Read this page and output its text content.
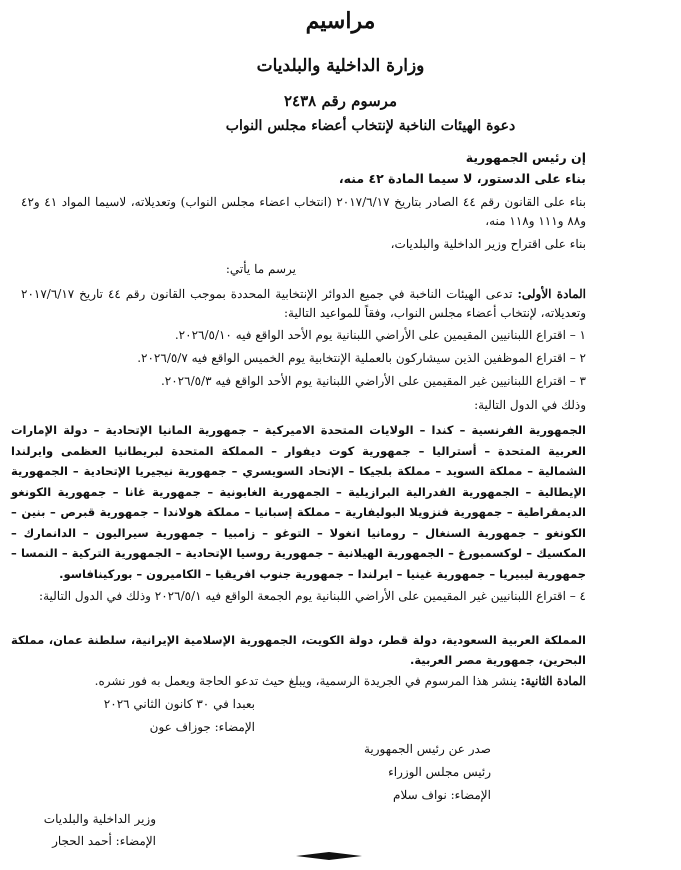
مراسيم
وزارة الداخلية والبلديات
مرسوم رقم ٢٤٣٨
دعوة الهيئات الناخبة لإنتخاب أعضاء مجلس النواب
إن رئيس الجمهورية
بناء على الدستور، لا سيما المادة ٤٢ منه،
بناء على القانون رقم ٤٤ الصادر بتاريخ ٢٠١٧/٦/١٧ (انتخاب اعضاء مجلس النواب) وتعديلاته، لاسيما المواد ٤١ و٤٢ و٨٨ و١١١ و١١٨ منه،
بناء على اقتراح وزير الداخلية والبلديات،
يرسم ما يأتي:
المادة الأولى: تدعى الهيئات الناخبة في جميع الدوائر الإنتخابية المحددة بموجب القانون رقم ٤٤ تاريخ ٢٠١٧/٦/١٧ وتعديلاته، لإنتخاب أعضاء مجلس النواب، وفقاً للمواعيد التالية:
١ – اقتراع اللبنانيين المقيمين على الأراضي اللبنانية يوم الأحد الواقع فيه ٢٠٢٦/٥/١٠.
٢ – اقتراع الموظفين الذين سيشاركون بالعملية الإنتخابية يوم الخميس الواقع فيه ٢٠٢٦/٥/٧.
٣ – اقتراع اللبنانيين غير المقيمين على الأراضي اللبنانية يوم الأحد الواقع فيه ٢٠٢٦/٥/٣.
وذلك في الدول التالية:
الجمهورية الفرنسية – كندا – الولايات المتحدة الاميركية – جمهورية المانيا الإتحادية – دولة الإمارات العربية المتحدة – أستراليا – جمهورية كوت ديفوار – المملكة المتحدة لبريطانيا العظمى وايرلندا الشمالية – مملكة السويد – مملكة بلجيكا – الإتحاد السويسري – جمهورية نيجيريا الإتحادية – الجمهورية الإيطالية – الجمهورية الفدرالية البرازيلية – الجمهورية الغابونية – جمهورية غانا – جمهورية الكونغو الديمقراطية – جمهورية فنزويلا البوليفارية – مملكة إسبانيا – مملكة هولاندا – جمهورية قبرص – بنين – الكونغو – جمهورية السنغال – رومانيا انغولا – التوغو – زامبيا – جمهورية سيراليون – الدانمارك – المكسيك – لوكسمبورغ – الجمهورية الهيلانية – جمهورية روسيا الإتحادية – الجمهورية التركية – النمسا – جمهورية ليبيريا – جمهورية غينيا – ايرلندا – جمهورية جنوب افريقيا – الكاميرون – بوركينافاسو.
٤ – اقتراع اللبنانيين غير المقيمين على الأراضي اللبنانية يوم الجمعة الواقع فيه ٢٠٢٦/٥/١ وذلك في الدول التالية:
المملكة العربية السعودية، دولة قطر، دولة الكويت، الجمهورية الإسلامية الإيرانية، سلطنة عمان، مملكة البحرين، جمهورية مصر العربية.
المادة الثانية: ينشر هذا المرسوم في الجريدة الرسمية، ويبلغ حيث تدعو الحاجة ويعمل به فور نشره.
بعبدا في ٣٠ كانون الثاني ٢٠٢٦
الإمضاء: جوزاف عون
صدر عن رئيس الجمهورية
رئيس مجلس الوزراء
الإمضاء: نواف سلام
وزير الداخلية والبلديات
الإمضاء: أحمد الحجار
